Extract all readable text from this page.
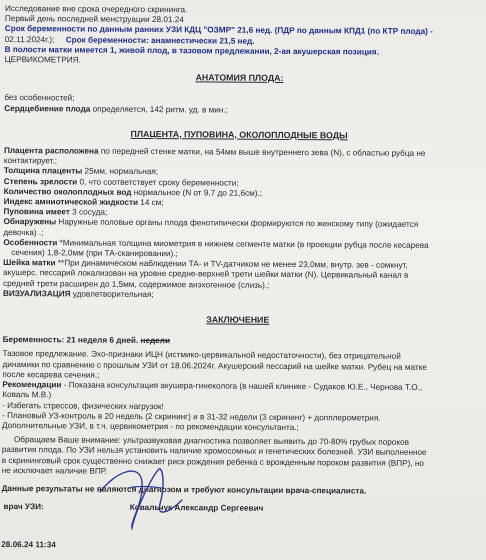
Исследование вне срока очередного скрининга.
Первый день последней менструации 28.01.24
Срок беременности по данным ранних УЗИ КДЦ "ОЗМР" 21,6 нед. (ПДР по данным КПД1 (по КТР плода) -
02.11.2024г.); Срок беременности: анамнестически 21,5 нед.
В полости матки имеется 1, живой плод, в тазовом предлежании, 2-ая акушерская позиция.
ЦЕРВИКОМЕТРИЯ.
АНАТОМИЯ ПЛОДА:
без особенностей;
Сердцебиение плода определяется, 142 ритм. уд. в мин.;
ПЛАЦЕНТА, ПУПОВИНА, ОКОЛОПЛОДНЫЕ ВОДЫ
Плацента расположена по передней стенке матки, на 54мм выше внутреннего зева (N), с областью рубца не
контактирует.;
Толщина плаценты 25мм, нормальная;
Степень зрелости 0, что соответствует сроку беременности;
Количество околоплодных вод нормальное (N от 9,7 до 21,6см).;
Индекс амниотической жидкости 14 см;
Пуповина имеет 3 сосуда;
Обнаружены Наружные половые органы плода фенотипически формируются по женскому типу (ожидается
девочка) .;
Особенности *Минимальная толщина миометрия в нижнем сегменте матки (в проекции рубца после кесарева
сечения) 1,8-2,0мм (при ТА-сканировании).;
Шейка матки **При динамическом наблюдении ТА- и ТV-датчиком не менее 23,0мм, внутр. зев - сомкнут,
акушерс. пессарий локализован на уровне средне-верхней трети шейки матки (N). Цервикальный канал в
средней трети расширен до 1,5мм, содержимое анэхогенное (слизь).;
ВИЗУАЛИЗАЦИЯ удовлетворительная;
ЗАКЛЮЧЕНИЕ
Беременность: 21 неделя 6 дней. недели
Тазовое предлежание. Эхо-признаки ИЦН (истмико-цервикальной недостаточности), без отрицательной
динамики по сравнению с прошлым УЗИ от 18.06.2024г. Акушерский пессарий на шейке матки. Рубец на матке
после кесарева сечения.;
Рекомендации - Показана консультация акушера-гинеколога (в нашей клинике - Судаков Ю.Е., Чернова Т.О.,
Коваль М.В.)
- Избегать стрессов, физических нагрузок!
- Плановый УЗ-контроль в 20 недель (2 скрининг) и в 31-32 недели (3 скрининг) + допплерометрия.
Дополнительные УЗИ, в т.ч. цервикометрия - по рекомендации консультанта.;
Обращаем Ваше внимание: ультразвуковая диагностика позволяет выявить до 70-80% грубых пороков
развития плода. По УЗИ нельзя установить наличие хромосомных и генетических болезней. УЗИ выполненное
в скрининговый срок существенно снижает риск рождения ребенка с врожденным пороком развития (ВПР), но
не исключает наличие ВПР.
Данные результаты не являются диагнозом и требуют консультации врача-специалиста.
врач УЗИ:	Ковальчук Александр Сергеевич
28.06.24 11:34
